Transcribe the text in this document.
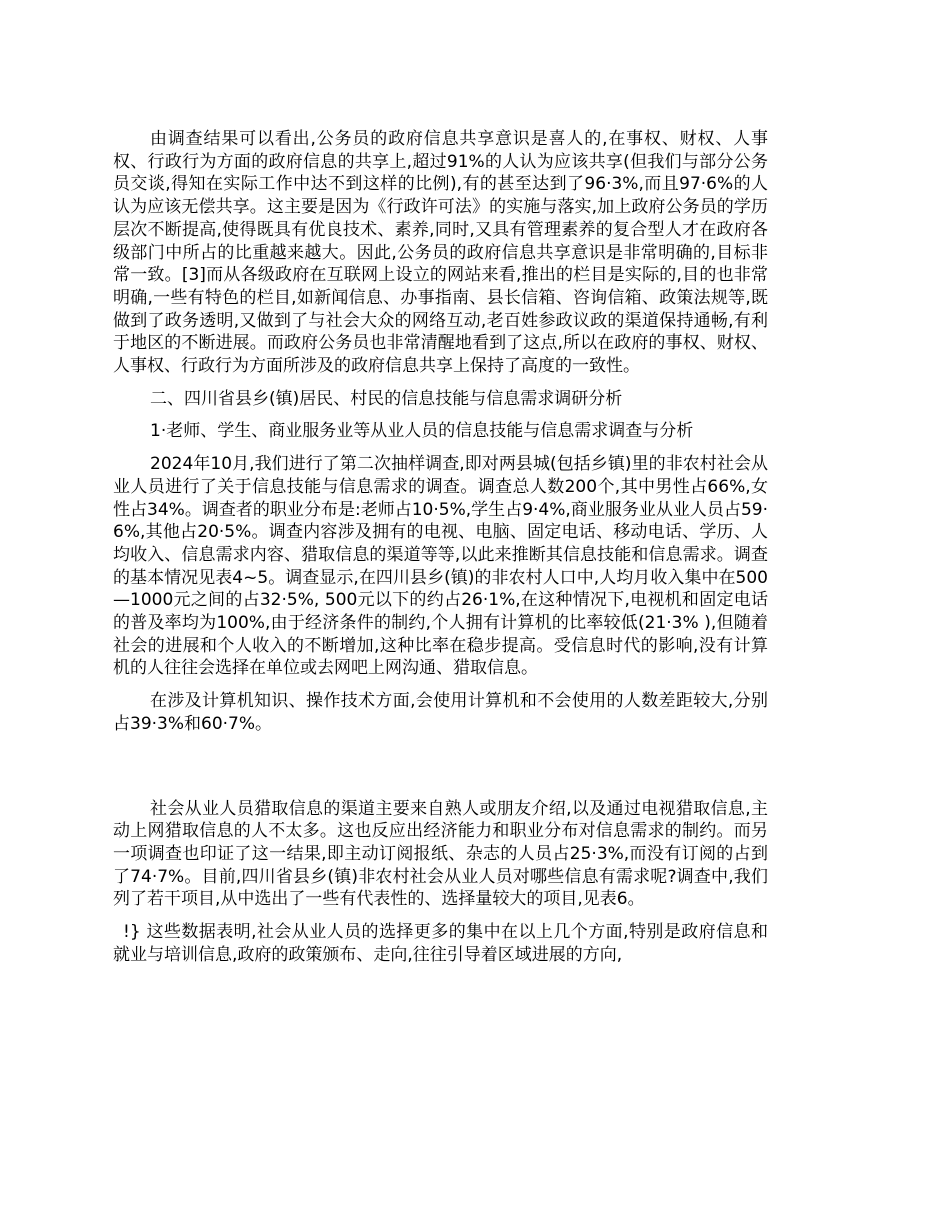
由调查结果可以看出,公务员的政府信息共享意识是喜人的,在事权、财权、人事权、行政行为方面的政府信息的共享上,超过91%的人认为应该共享(但我们与部分公务员交谈,得知在实际工作中达不到这样的比例),有的甚至达到了96·3%,而且97·6%的人认为应该无偿共享。这主要是因为《行政许可法》的实施与落实,加上政府公务员的学历层次不断提高,使得既具有优良技术、素养,同时,又具有管理素养的复合型人才在政府各级部门中所占的比重越来越大。因此,公务员的政府信息共享意识是非常明确的,目标非常一致。[3]而从各级政府在互联网上设立的网站来看,推出的栏目是实际的,目的也非常明确,一些有特色的栏目,如新闻信息、办事指南、县长信箱、咨询信箱、政策法规等,既做到了政务透明,又做到了与社会大众的网络互动,老百姓参政议政的渠道保持通畅,有利于地区的不断进展。而政府公务员也非常清醒地看到了这点,所以在政府的事权、财权、人事权、行政行为方面所涉及的政府信息共享上保持了高度的一致性。

二、四川省县乡(镇)居民、村民的信息技能与信息需求调研分析

1·老师、学生、商业服务业等从业人员的信息技能与信息需求调查与分析

2024年10月,我们进行了第二次抽样调查,即对两县城(包括乡镇)里的非农村社会从业人员进行了关于信息技能与信息需求的调查。调查总人数200个,其中男性占66%,女性占34%。调查者的职业分布是:老师占10·5%,学生占9·4%,商业服务业从业人员占59·6%,其他占20·5%。调查内容涉及拥有的电视、电脑、固定电话、移动电话、学历、人均收入、信息需求内容、猎取信息的渠道等等,以此来推断其信息技能和信息需求。调查的基本情况见表4~5。调查显示,在四川县乡(镇)的非农村人口中,人均月收入集中在500—1000元之间的占32·5%, 500元以下的约占26·1%,在这种情况下,电视机和固定电话的普及率均为100%,由于经济条件的制约,个人拥有计算机的比率较低(21·3% ),但随着社会的进展和个人收入的不断增加,这种比率在稳步提高。受信息时代的影响,没有计算机的人往往会选择在单位或去网吧上网沟通、猎取信息。

在涉及计算机知识、操作技术方面,会使用计算机和不会使用的人数差距较大,分别占39·3%和60·7%。

社会从业人员猎取信息的渠道主要来自熟人或朋友介绍,以及通过电视猎取信息,主动上网猎取信息的人不太多。这也反应出经济能力和职业分布对信息需求的制约。而另一项调查也印证了这一结果,即主动订阅报纸、杂志的人员占25·3%,而没有订阅的占到了74·7%。目前,四川省县乡(镇)非农村社会从业人员对哪些信息有需求呢?调查中,我们列了若干项目,从中选出了一些有代表性的、选择量较大的项目,见表6。

!} 这些数据表明,社会从业人员的选择更多的集中在以上几个方面,特别是政府信息和就业与培训信息,政府的政策颁布、走向,往往引导着区域进展的方向,
